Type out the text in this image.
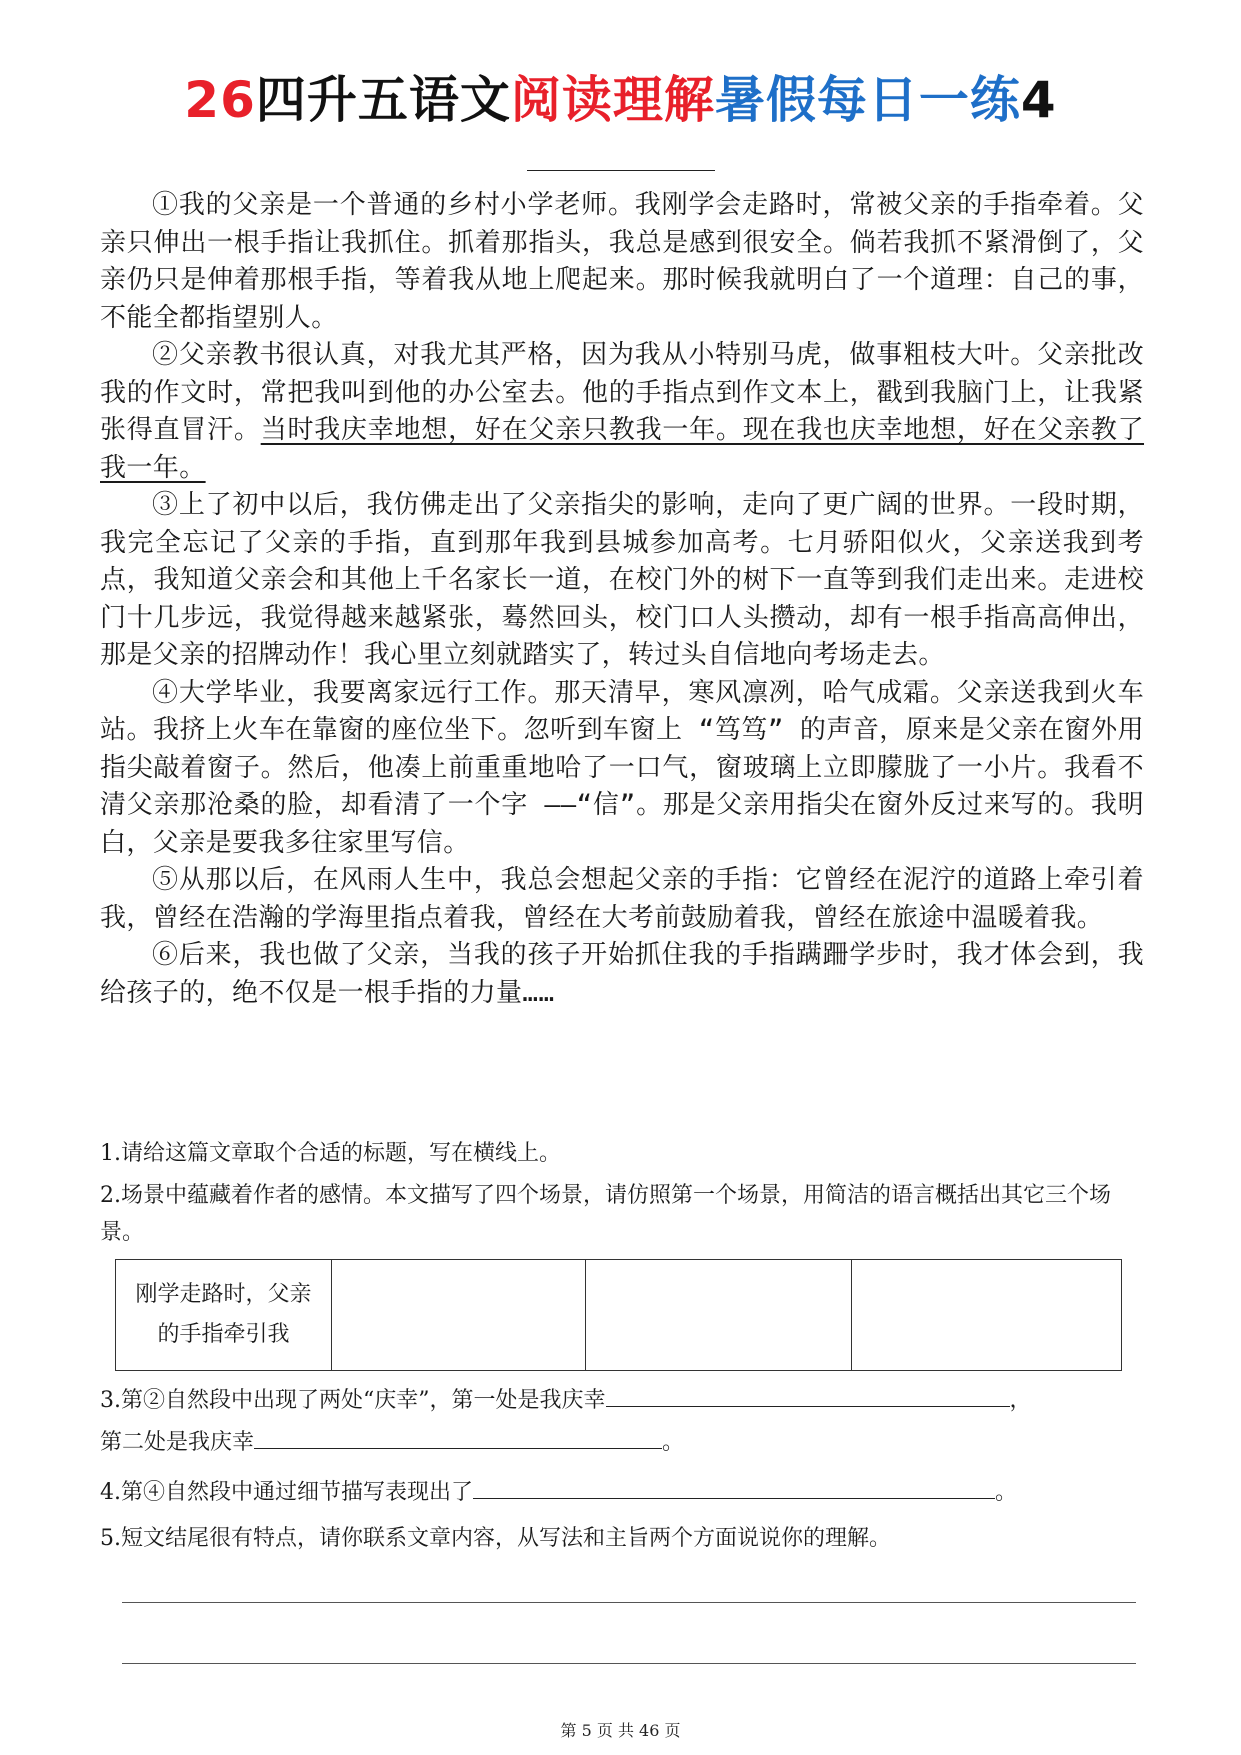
26四升五语文阅读理解暑假每日一练4

①我的父亲是一个普通的乡村小学老师。我刚学会走路时，常被父亲的手指牵着。父亲只伸出一根手指让我抓住。抓着那指头，我总是感到很安全。倘若我抓不紧滑倒了，父亲仍只是伸着那根手指，等着我从地上爬起来。那时候我就明白了一个道理：自己的事，不能全都指望别人。

②父亲教书很认真，对我尤其严格，因为我从小特别马虎，做事粗枝大叶。父亲批改我的作文时，常把我叫到他的办公室去。他的手指点到作文本上，戳到我脑门上，让我紧张得直冒汗。当时我庆幸地想，好在父亲只教我一年。现在我也庆幸地想，好在父亲教了我一年。

③上了初中以后，我仿佛走出了父亲指尖的影响，走向了更广阔的世界。一段时期，我完全忘记了父亲的手指，直到那年我到县城参加高考。七月骄阳似火，父亲送我到考点，我知道父亲会和其他上千名家长一道，在校门外的树下一直等到我们走出来。走进校门十几步远，我觉得越来越紧张，蓦然回头，校门口人头攒动，却有一根手指高高伸出，那是父亲的招牌动作！我心里立刻就踏实了，转过头自信地向考场走去。

④大学毕业，我要离家远行工作。那天清早，寒风凛冽，哈气成霜。父亲送我到火车站。我挤上火车在靠窗的座位坐下。忽听到车窗上 “笃笃” 的声音，原来是父亲在窗外用指尖敲着窗子。然后，他凑上前重重地哈了一口气，窗玻璃上立即朦胧了一小片。我看不清父亲那沧桑的脸，却看清了一个字 ——“信”。那是父亲用指尖在窗外反过来写的。我明白，父亲是要我多往家里写信。

⑤从那以后，在风雨人生中，我总会想起父亲的手指：它曾经在泥泞的道路上牵引着我，曾经在浩瀚的学海里指点着我，曾经在大考前鼓励着我，曾经在旅途中温暖着我。

⑥后来，我也做了父亲，当我的孩子开始抓住我的手指蹒跚学步时，我才体会到，我给孩子的，绝不仅是一根手指的力量……

1.请给这篇文章取个合适的标题，写在横线上。
2.场景中蕴藏着作者的感情。本文描写了四个场景，请仿照第一个场景，用简洁的语言概括出其它三个场景。
刚学走路时，父亲的手指牵引我			
3.第②自然段中出现了两处“庆幸”，第一处是我庆幸	，
第二处是我庆幸	。
4.第④自然段中通过细节描写表现出了	。
5.短文结尾很有特点，请你联系文章内容，从写法和主旨两个方面说说你的理解。
第 5 页 共 46 页
